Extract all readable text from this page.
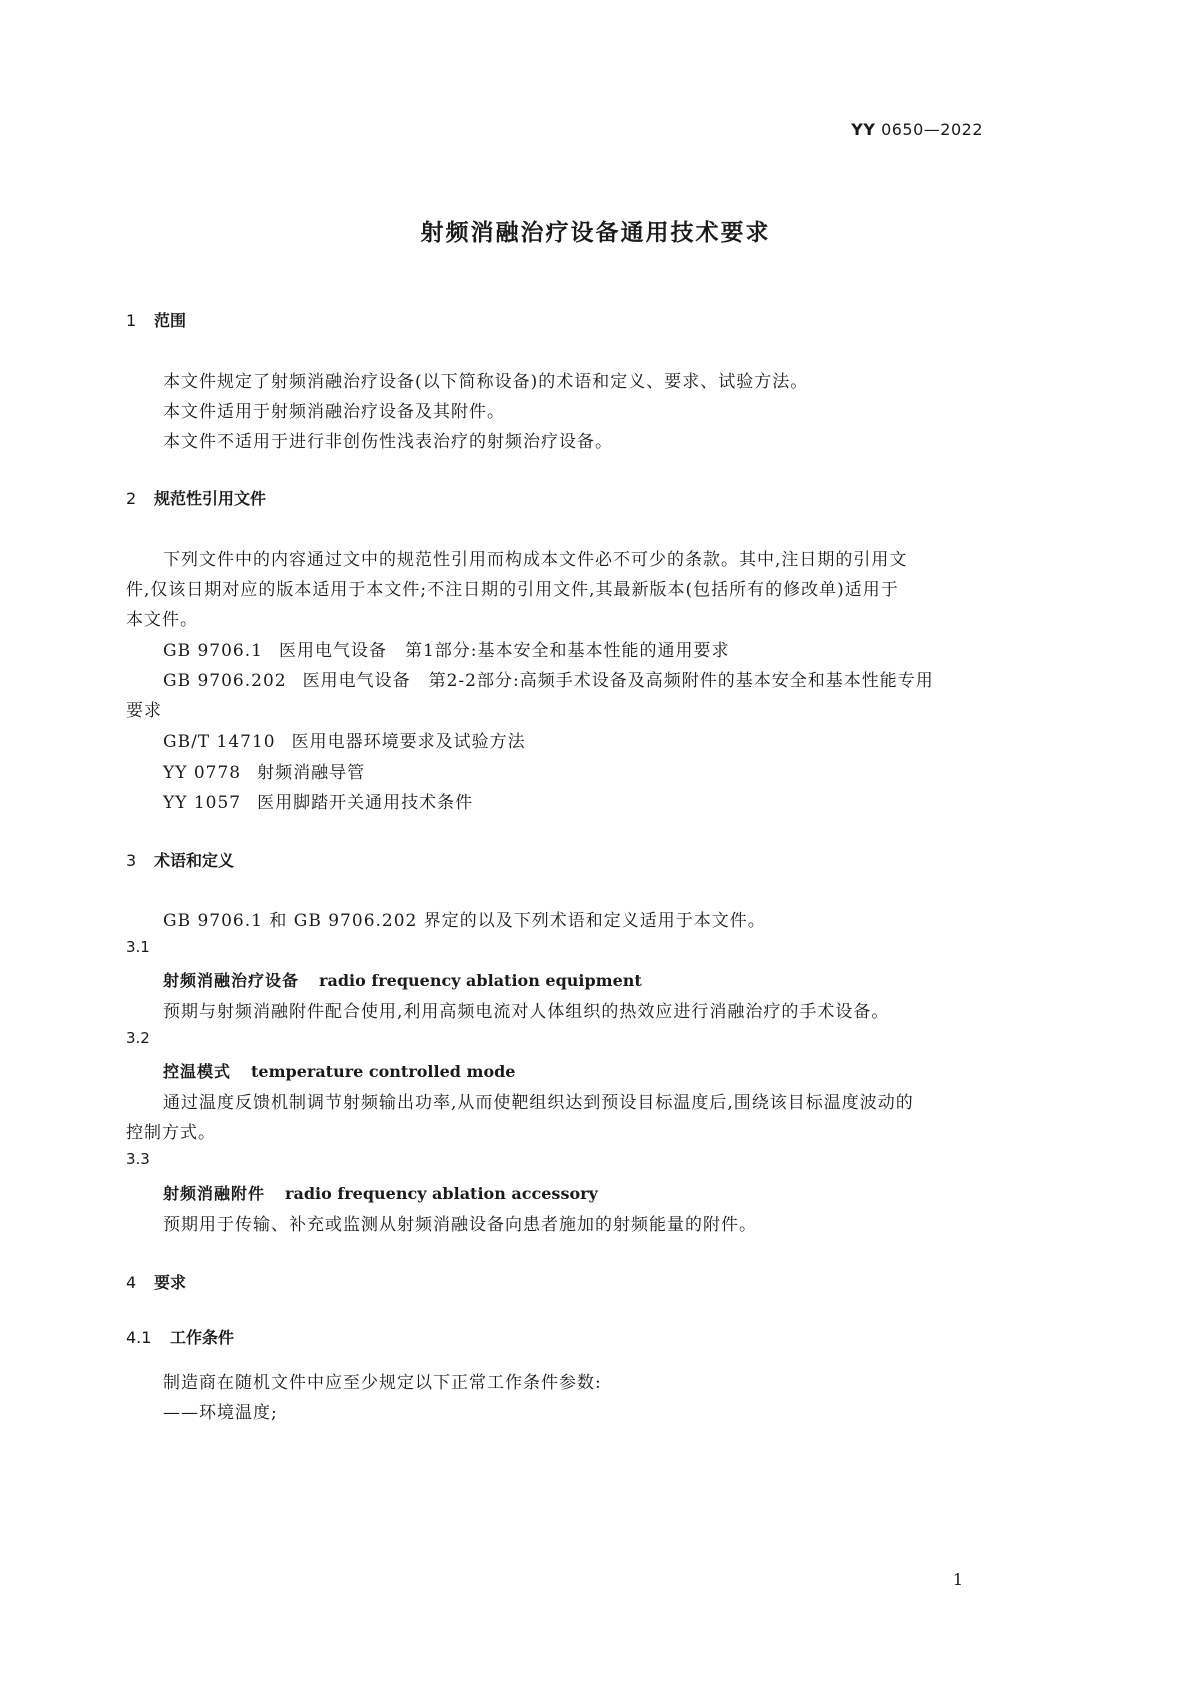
YY 0650—2022
射频消融治疗设备通用技术要求
1 范围
本文件规定了射频消融治疗设备(以下简称设备)的术语和定义、要求、试验方法。
本文件适用于射频消融治疗设备及其附件。
本文件不适用于进行非创伤性浅表治疗的射频治疗设备。
2 规范性引用文件
下列文件中的内容通过文中的规范性引用而构成本文件必不可少的条款。其中,注日期的引用文
件,仅该日期对应的版本适用于本文件;不注日期的引用文件,其最新版本(包括所有的修改单)适用于
本文件。
GB 9706.1 医用电气设备　第1部分:基本安全和基本性能的通用要求
GB 9706.202 医用电气设备　第2-2部分:高频手术设备及高频附件的基本安全和基本性能专用
要求
GB/T 14710 医用电器环境要求及试验方法
YY 0778 射频消融导管
YY 1057 医用脚踏开关通用技术条件
3 术语和定义
GB 9706.1 和 GB 9706.202 界定的以及下列术语和定义适用于本文件。
3.1
射频消融治疗设备 radio frequency ablation equipment
预期与射频消融附件配合使用,利用高频电流对人体组织的热效应进行消融治疗的手术设备。
3.2
控温模式 temperature controlled mode
通过温度反馈机制调节射频输出功率,从而使靶组织达到预设目标温度后,围绕该目标温度波动的
控制方式。
3.3
射频消融附件 radio frequency ablation accessory
预期用于传输、补充或监测从射频消融设备向患者施加的射频能量的附件。
4 要求
4.1 工作条件
制造商在随机文件中应至少规定以下正常工作条件参数:
——环境温度;
1
